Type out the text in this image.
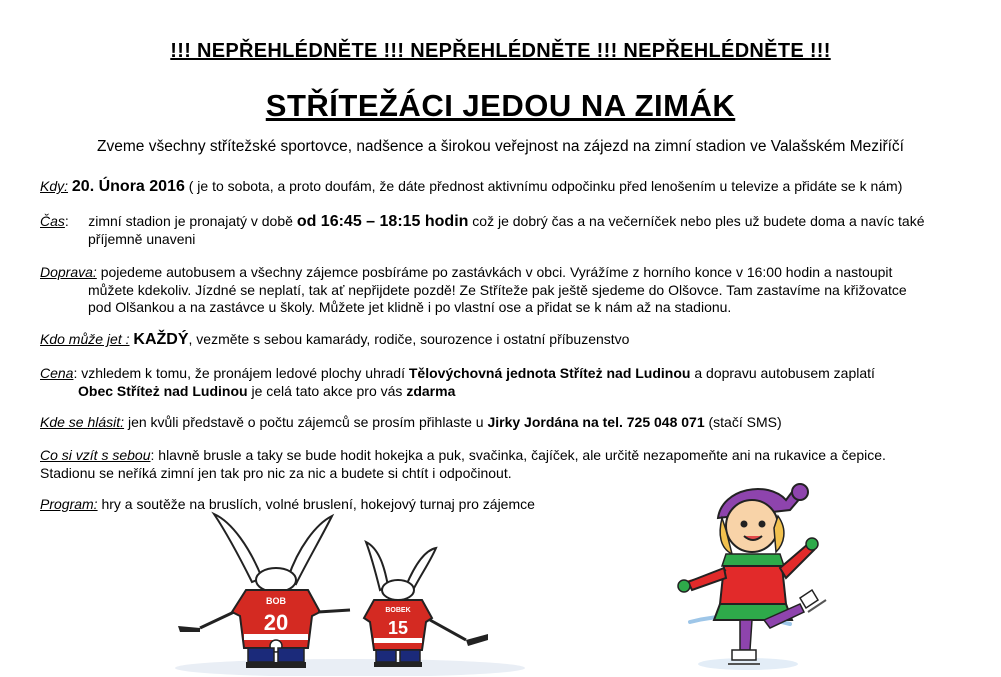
!!! NEPŘEHLÉDNĚTE !!! NEPŘEHLÉDNĚTE !!! NEPŘEHLÉDNĚTE !!!
STŘÍTEŽÁCI JEDOU NA ZIMÁK
Zveme všechny střítežské sportovce, nadšence a širokou veřejnost na zájezd na zimní stadion ve Valašském Meziříčí
Kdy: 20. Února 2016 ( je to sobota, a proto doufám, že dáte přednost aktivnímu odpočinku před lenošením u televize a přidáte se k nám)
Čas:     zimní stadion je pronajatý v době od 16:45 – 18:15 hodin což je dobrý čas a na večerníček nebo ples už budete doma a navíc také
příjemně unaveni
Doprava: pojedeme autobusem a všechny zájemce posbíráme po zastávkách v obci. Vyrážíme z horního konce v 16:00 hodin a nastoupit
můžete kdekoliv. Jízdné se neplatí, tak ať nepřijdete pozdě! Ze Střítežе pak ještě sjedeme do Olšovce. Tam zastavíme na křižovatce
pod Olšankou a na zastávce u školy. Můžete jet klidně i po vlastní ose a přidat se k nám až na stadionu.
Kdo může jet : KAŽDÝ, vezměte s sebou kamarády, rodiče, sourozence i ostatní příbuzenstvo
Cena: vzhledem k tomu, že pronájem ledové plochy uhradí Tělovýchovná jednota Stříteż nad Ludinou a dopravu autobusem zaplatí
Obec Stříteż nad Ludinou je celá tato akce pro vás zdarma
Kde se hlásit: jen kvůli představě o počtu zájemců se prosím přihlaste u Jirky Jordána na tel. 725 048 071 (stačí SMS)
Co si vzít s sebou: hlavně brusle a taky se bude hodit hokejka a puk, svačinka, čajíček, ale určitě nezapomeňte ani na rukavice a čepice.
Stadionu se neříká zimní jen tak pro nic za nic a budete si chtít i odpočinout.
Program: hry a soutěže na bruslích, volné bruslení, hokejový turnaj pro zájemce
BOB
20	BOBEK
15
